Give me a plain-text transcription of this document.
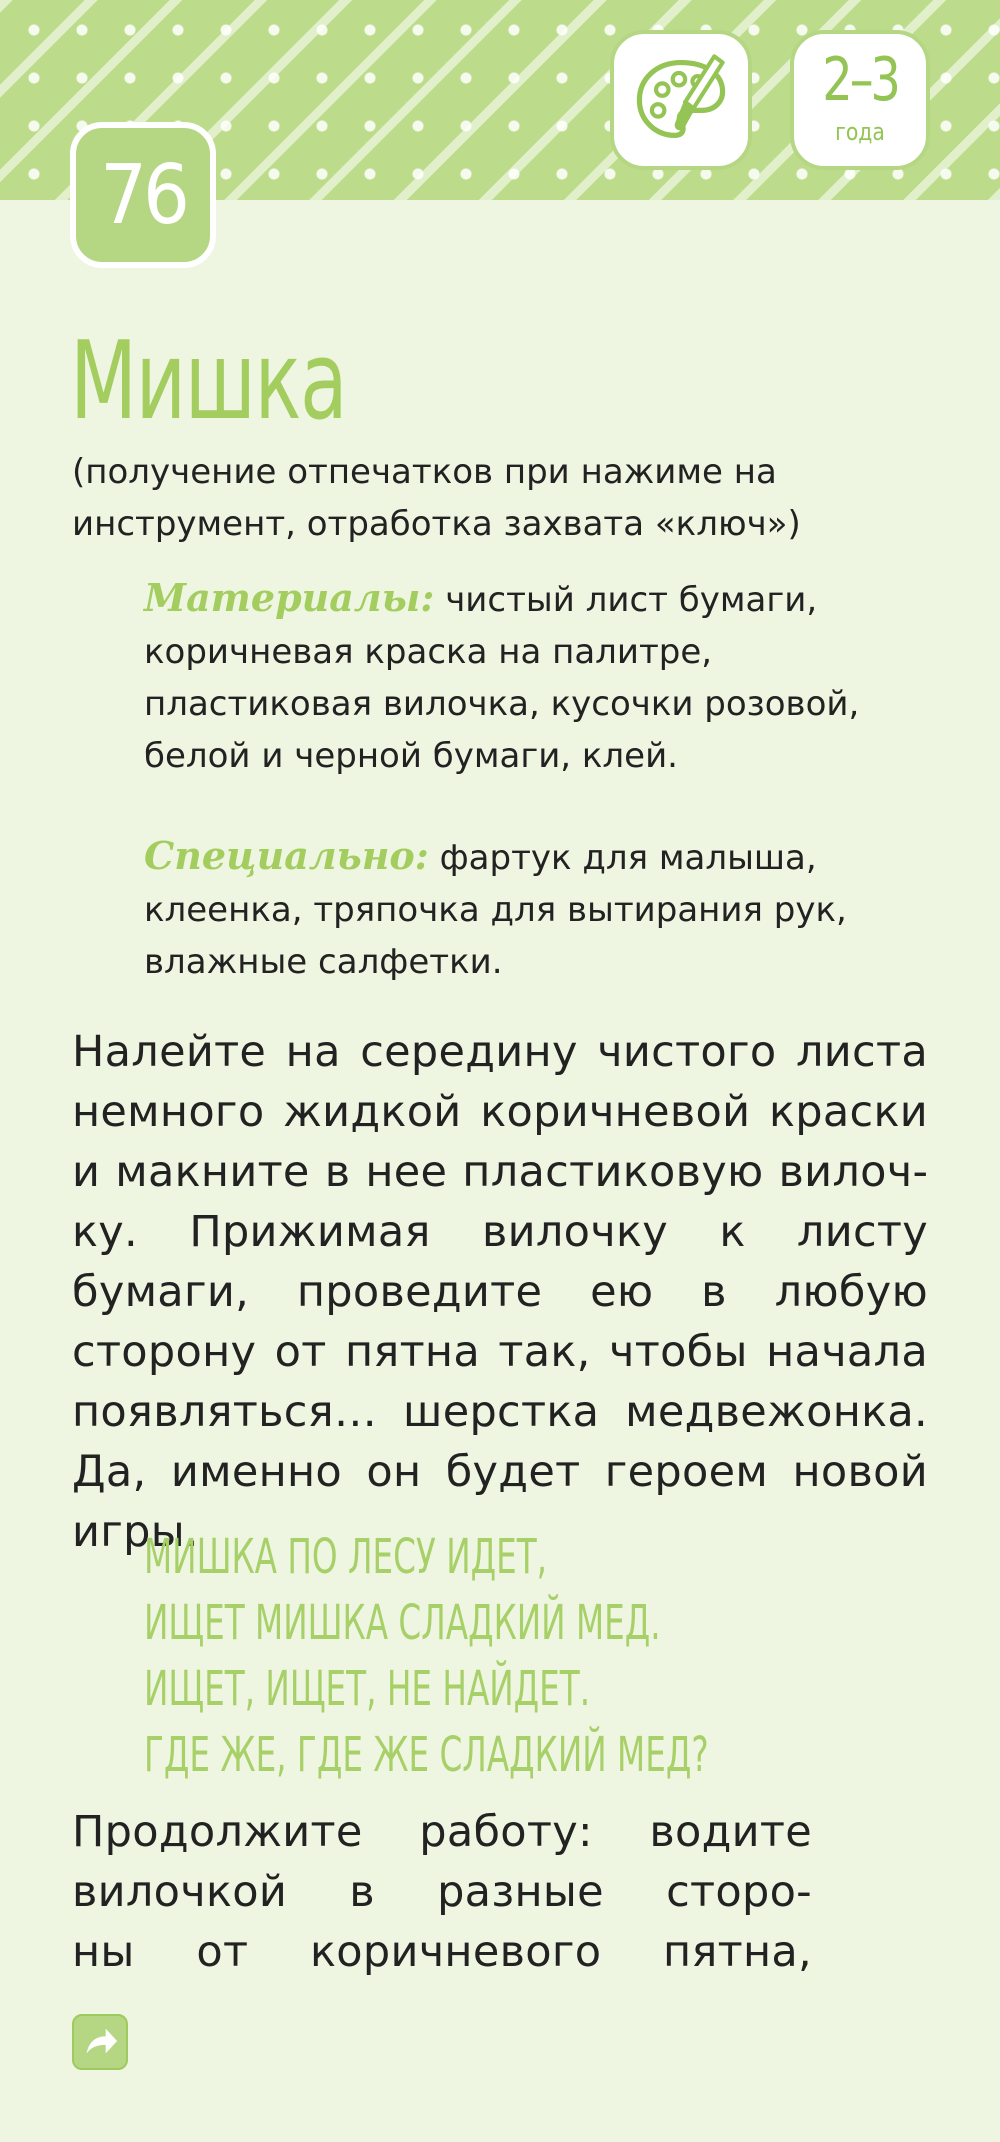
76
2–3
года
Мишка
(получение отпечатков при нажиме на инструмент, отработка захвата «ключ»)
Материалы: чистый лист бумаги, коричневая краска на палитре, пластиковая вилочка, кусочки розовой, белой и черной бумаги, клей.
Специально: фартук для малыша, клеенка, тряпочка для вытирания рук, влажные салфетки.
Налейте на середину чистого листа немного жидкой коричневой краски и макните в нее пластиковую вилочку. Прижимая вилочку к листу бумаги, проведите ею в любую сторону от пятна так, чтобы начала появляться… шерстка медвежонка. Да, именно он будет героем новой игры.
МИШКА ПО ЛЕСУ ИДЕТ,
ИЩЕТ МИШКА СЛАДКИЙ МЕД.
ИЩЕТ, ИЩЕТ, НЕ НАЙДЕТ.
ГДЕ ЖЕ, ГДЕ ЖЕ СЛАДКИЙ МЕД?
Продолжите работу: водите
вилочкой в разные сторо-
ны от коричневого пятна,
